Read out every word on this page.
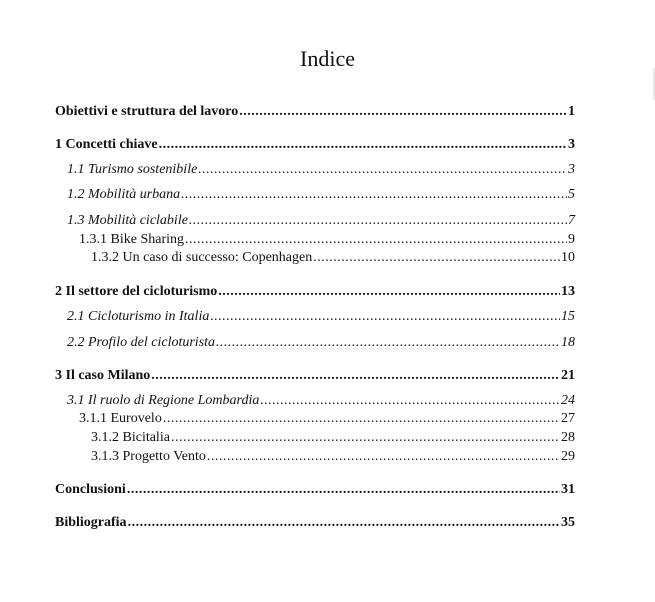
Indice
Obiettivi e struttura del lavoro .....	1
1 Concetti chiave .....	3
1.1 Turismo sostenibile .....	3
1.2 Mobilità urbana .....	5
1.3 Mobilità ciclabile .....	7
1.3.1 Bike Sharing .....	9
1.3.2 Un caso di successo: Copenhagen .....	10
2 Il settore del cicloturismo .....	13
2.1 Cicloturismo in Italia .....	15
2.2 Profilo del cicloturista .....	18
3 Il caso Milano .....	21
3.1 Il ruolo di Regione Lombardia .....	24
3.1.1 Eurovelo .....	27
3.1.2 Bicitalia .....	28
3.1.3 Progetto Vento .....	29
Conclusioni .....	31
Bibliografia .....	35
